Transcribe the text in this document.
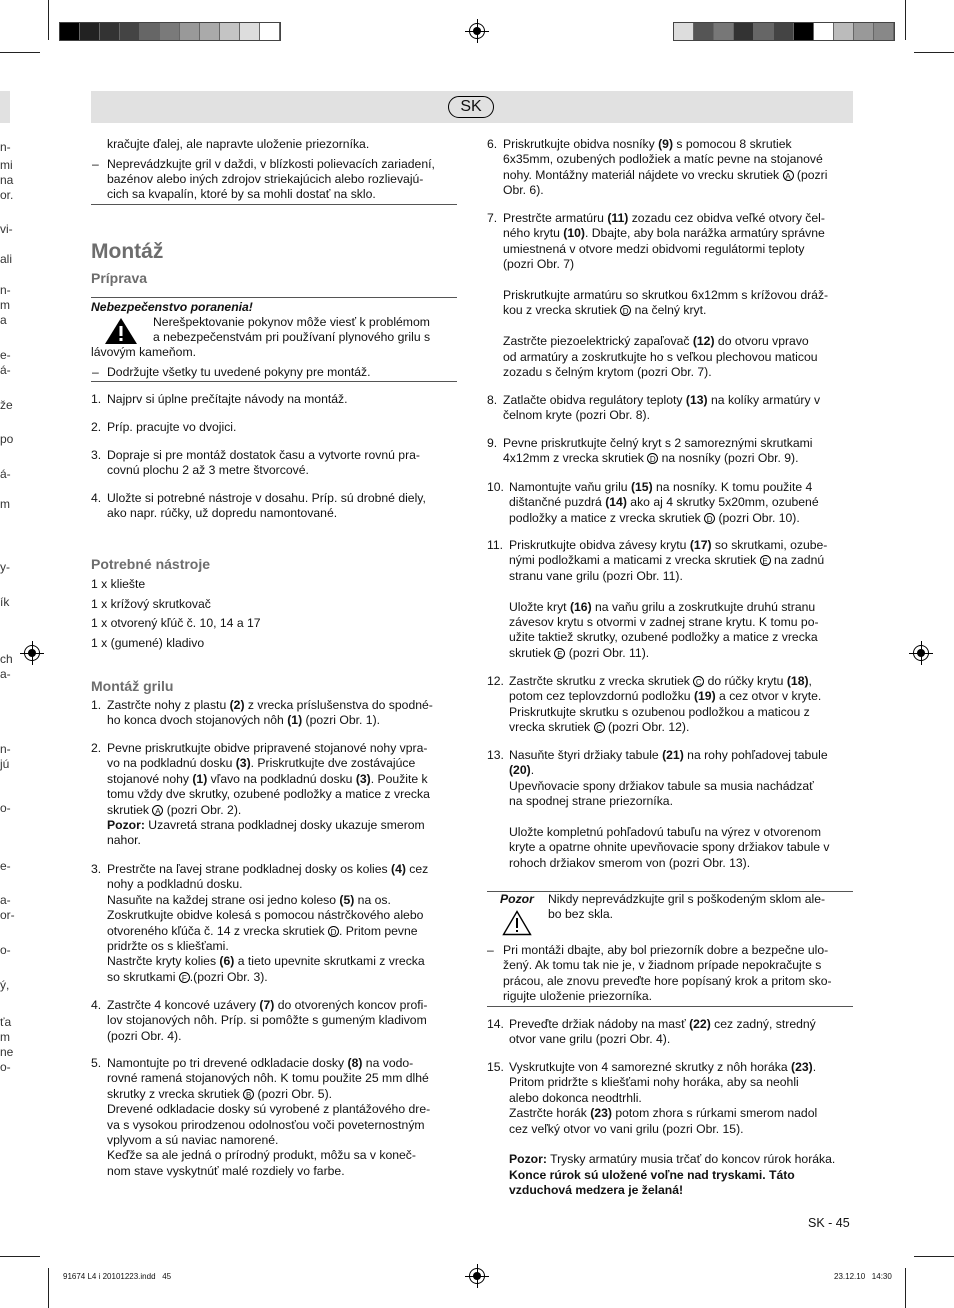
SK
kračujte ďalej, ale napravte uloženie priezorníka.
– Neprevádzkujte gril v daždi, v blízkosti polievacích zariadení,
bazénov alebo iných zdrojov striekajúcich alebo rozlievajú-
cich sa kvapalín, ktoré by sa mohli dostať na sklo.
Montáž
Príprava
Nebezpečenstvo poranenia!
Nerešpektovanie pokynov môže viesť k problémom
a nebezpečenstvám pri používaní plynového grilu s
lávovým kameňom.
– Dodržujte všetky tu uvedené pokyny pre montáž.
Potrebné nástroje
Montáž grilu
Pozor Nikdy neprevádzkujte gril s poškodeným sklom ale-
bo bez skla.
–
SK - 45
91674 L4 i 20101223.indd   45	23.12.10   14:30
n-
mi
na
or.
vi-
ali
n-
m
a
e-
á-
že
po
á-
m
y-
ík
ch
a-
n-
jú
o-
e-
a-
or-
o-
ý,
ťa
m
ne
o-
1. Najprv si úplne prečítajte návody na montáž.
2. Príp. pracujte vo dvojici.
3. Dopraje si pre montáž dostatok času a vytvorte rovnú pra-
covnú plochu 2 až 3 metre štvorcové.
4. Uložte si potrebné nástroje v dosahu. Príp. sú drobné diely,
ako napr. rúčky, už dopredu namontované.
1 x kliešte
1 x krížový skrutkovač
1 x otvorený kľúč č. 10, 14 a 17
1 x (gumené) kladivo
1. Zastrčte nohy z plastu (2) z vrecka príslušenstva do spodné-
ho konca dvoch stojanových nôh (1) (pozri Obr. 1).
2. Pevne priskrutkujte obidve pripravené stojanové nohy vpra-
vo na podkladnú dosku (3). Priskrutkujte dve zostávajúce
stojanové nohy (1) vľavo na podkladnú dosku (3). Použite k
tomu vždy dve skrutky, ozubené podložky a matice z vrecka
skrutiek A (pozri Obr. 2).
Pozor: Uzavretá strana podkladnej dosky ukazuje smerom
nahor.
3. Prestrčte na ľavej strane podkladnej dosky os kolies (4) cez
nohy a podkladnú dosku.
Nasuňte na každej strane osi jedno koleso (5) na os.
Zoskrutkujte obidve kolesá s pomocou nástrčkového alebo
otvoreného kľúča č. 14 z vrecka skrutiek D . Pritom pevne
pridržte os s kliešťami.
Nastrčte kryty kolies (6) a tieto upevnite skrutkami z vrecka
so skrutkami F .(pozri Obr. 3).
4. Zastrčte 4 koncové uzávery (7) do otvorených koncov profi-
lov stojanových nôh. Príp. si pomôžte s gumeným kladivom
(pozri Obr. 4).
5. Namontujte po tri drevené odkladacie dosky (8) na vodo-
rovné ramená stojanových nôh. K tomu použite 25 mm dlhé
skrutky z vrecka skrutiek B (pozri Obr. 5).
Drevené odkladacie dosky sú vyrobené z plantážového dre-
va s vysokou prirodzenou odolnosťou voči poveternostným
vplyvom a sú naviac namorené.
Keďže sa ale jedná o prírodný produkt, môžu sa v koneč-
nom stave vyskytnúť malé rozdiely vo farbe.
6. Priskrutkujte obidva nosníky (9) s pomocou 8 skrutiek
6x35mm, ozubených podložiek a matíc pevne na stojanové
nohy. Montážny materiál nájdete vo vrecku skrutiek A (pozri
Obr. 6).
7. Prestrčte armatúru (11) zozadu cez obidva veľké otvory čel-
ného krytu (10). Dbajte, aby bola narážka armatúry správne
umiestnená v otvore medzi obidvomi regulátormi teploty
(pozri Obr. 7)
Priskrutkujte armatúru so skrutkou 6x12mm s krížovou dráž-
kou z vrecka skrutiek D na čelný kryt.
Zastrčte piezoelektrický zapaľovač (12) do otvoru vpravo
od armatúry a zoskrutkujte ho s veľkou plechovou maticou
zozadu s čelným krytom (pozri Obr. 7).
8. Zatlačte obidva regulátory teploty (13) na kolíky armatúry v
čelnom kryte (pozri Obr. 8).
9. Pevne priskrutkujte čelný kryt s 2 samoreznými skrutkami
4x12mm z vrecka skrutiek D na nosníky (pozri Obr. 9).
10. Namontujte vaňu grilu (15) na nosníky. K tomu použite 4
dištančné puzdrá (14) ako aj 4 skrutky 5x20mm, ozubené
podložky a matice z vrecka skrutiek D (pozri Obr. 10).
11. Priskrutkujte obidva závesy krytu (17) so skrutkami, ozube-
nými podložkami a maticami z vrecka skrutiek E na zadnú
stranu vane grilu (pozri Obr. 11).
Uložte kryt (16) na vaňu grilu a zoskrutkujte druhú stranu
závesov krytu s otvormi v zadnej strane krytu. K tomu po-
užite taktiež skrutky, ozubené podložky a matice z vrecka
skrutiek E (pozri Obr. 11).
12. Zastrčte skrutku z vrecka skrutiek C do rúčky krytu (18),
potom cez teplovzdornú podložku (19) a cez otvor v kryte.
Priskrutkujte skrutku s ozubenou podložkou a maticou z
vrecka skrutiek C (pozri Obr. 12).
13. Nasuňte štyri držiaky tabule (21) na rohy pohľadovej tabule
(20).
Upevňovacie spony držiakov tabule sa musia nachádzať
na spodnej strane priezorníka.
Uložte kompletnú pohľadovú tabuľu na výrez v otvorenom
kryte a opatrne ohnite upevňovacie spony držiakov tabule v
rohoch držiakov smerom von (pozri Obr. 13).
14. Preveďte držiak nádoby na masť (22) cez zadný, stredný
otvor vane grilu (pozri Obr. 4).
15. Vyskrutkujte von 4 samorezné skrutky z nôh horáka (23).
Pritom pridržte s kliešťami nohy horáka, aby sa neohli
alebo dokonca neodtrhli.
Zastrčte horák (23) potom zhora s rúrkami smerom nadol
cez veľký otvor vo vani grilu (pozri Obr. 15).
Pozor: Trysky armatúry musia trčať do koncov rúrok horáka.
Konce rúrok sú uložené voľne nad tryskami. Táto
vzduchová medzera je želaná!
Pri montáži dbajte, aby bol priezorník dobre a bezpečne ulo-
žený. Ak tomu tak nie je, v žiadnom prípade nepokračujte s
prácou, ale znovu preveďte hore popísaný krok a pritom sko-
rigujte uloženie priezorníka.
